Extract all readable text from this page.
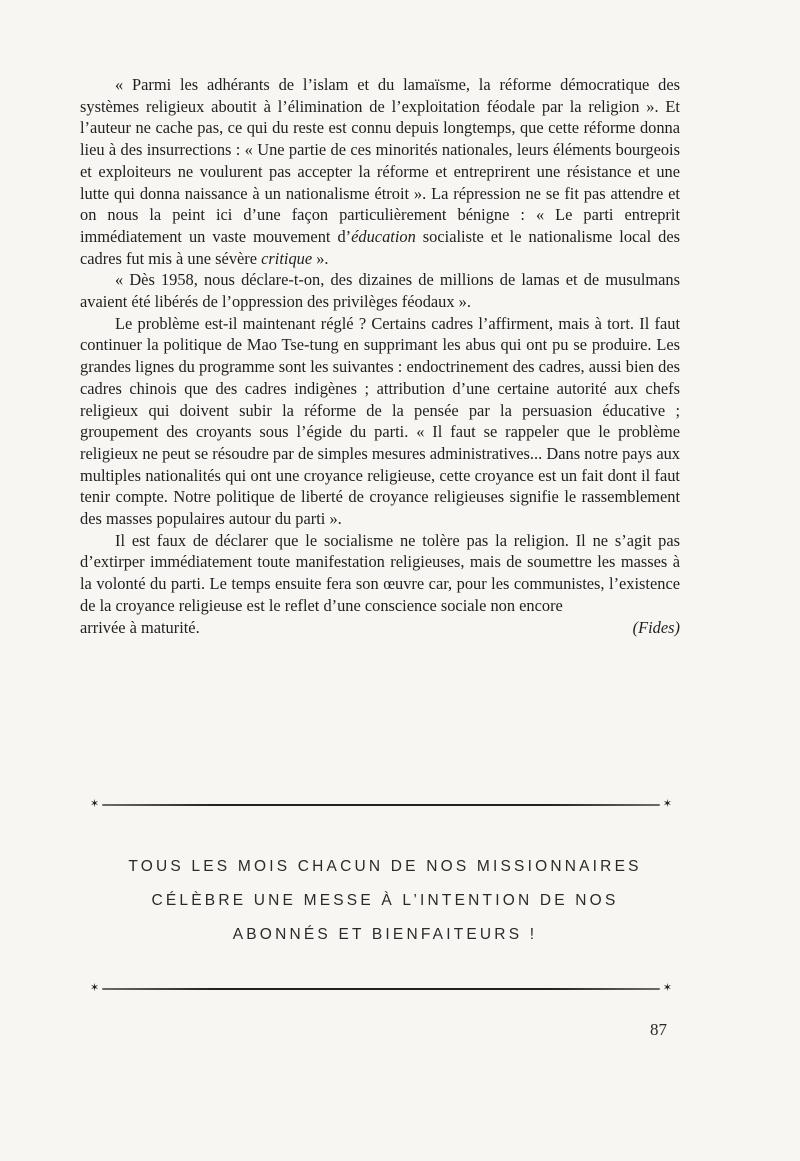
« Parmi les adhérants de l’islam et du lamaïsme, la réforme démocratique des systèmes religieux aboutit à l’élimination de l’exploitation féodale par la religion ». Et l’auteur ne cache pas, ce qui du reste est connu depuis longtemps, que cette réforme donna lieu à des insurrections : « Une partie de ces minorités nationales, leurs éléments bourgeois et exploiteurs ne voulurent pas accepter la réforme et entreprirent une résistance et une lutte qui donna naissance à un nationalisme étroit ». La répression ne se fit pas attendre et on nous la peint ici d’une façon particulièrement bénigne : « Le parti entreprit immédiatement un vaste mouvement d’éducation socialiste et le nationalisme local des cadres fut mis à une sévère critique ».

« Dès 1958, nous déclare-t-on, des dizaines de millions de lamas et de musulmans avaient été libérés de l’oppression des privilèges féodaux ».

Le problème est-il maintenant réglé ? Certains cadres l’affirment, mais à tort. Il faut continuer la politique de Mao Tse-tung en supprimant les abus qui ont pu se produire. Les grandes lignes du programme sont les suivantes : endoctrinement des cadres, aussi bien des cadres chinois que des cadres indigènes ; attribution d’une certaine autorité aux chefs religieux qui doivent subir la réforme de la pensée par la persuasion éducative ; groupement des croyants sous l’égide du parti. « Il faut se rappeler que le problème religieux ne peut se résoudre par de simples mesures administratives... Dans notre pays aux multiples nationalités qui ont une croyance religieuse, cette croyance est un fait dont il faut tenir compte. Notre politique de liberté de croyance religieuses signifie le rassemblement des masses populaires autour du parti ».

Il est faux de déclarer que le socialisme ne tolère pas la religion. Il ne s’agit pas d’extirper immédiatement toute manifestation religieuses, mais de soumettre les masses à la volonté du parti. Le temps ensuite fera son œuvre car, pour les communistes, l’existence de la croyance religieuse est le reflet d’une conscience sociale non encore

arrivée à maturité.	(Fides)
✶	✶
TOUS LES MOIS CHACUN DE NOS MISSIONNAIRES
CÉLÈBRE UNE MESSE À L’INTENTION DE NOS
ABONNÉS ET BIENFAITEURS !
✶	✶
87
